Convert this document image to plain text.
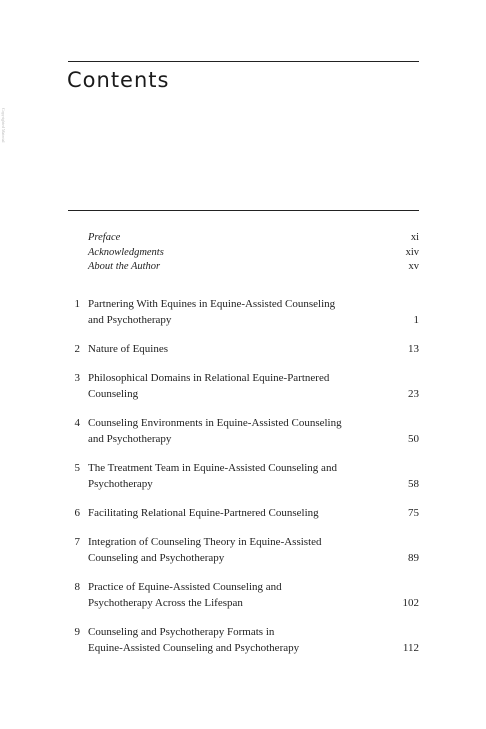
Contents
Copyrighted Material
Preface	xi
Acknowledgments	xiv
About the Author	xv
1 Partnering With Equines in Equine-Assisted Counseling
and Psychotherapy	1
2 Nature of Equines	13
3 Philosophical Domains in Relational Equine-Partnered
Counseling	23
4 Counseling Environments in Equine-Assisted Counseling
and Psychotherapy	50
5 The Treatment Team in Equine-Assisted Counseling and
Psychotherapy	58
6 Facilitating Relational Equine-Partnered Counseling	75
7 Integration of Counseling Theory in Equine-Assisted
Counseling and Psychotherapy	89
8 Practice of Equine-Assisted Counseling and
Psychotherapy Across the Lifespan	102
9 Counseling and Psychotherapy Formats in
Equine-Assisted Counseling and Psychotherapy	112
